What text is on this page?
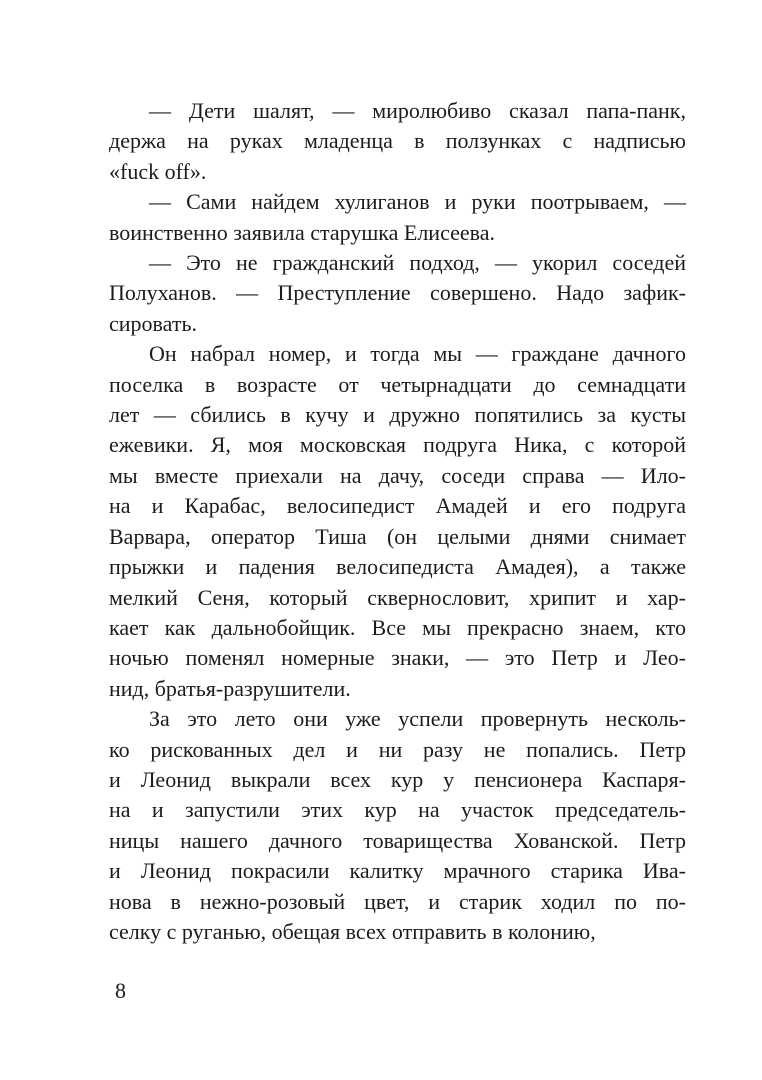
— Дети шалят, — миролюбиво сказал папа-панк,
держа на руках младенца в ползунках с надписью
«fuck off».
— Сами найдем хулиганов и руки поотрываем, —
воинственно заявила старушка Елисеева.
— Это не гражданский подход, — укорил соседей
Полуханов. — Преступление совершено. Надо зафик-
сировать.
Он набрал номер, и тогда мы — граждане дачного
поселка в возрасте от четырнадцати до семнадцати
лет — сбились в кучу и дружно попятились за кусты
ежевики. Я, моя московская подруга Ника, с которой
мы вместе приехали на дачу, соседи справа — Ило-
на и Карабас, велосипедист Амадей и его подруга
Варвара, оператор Тиша (он целыми днями снимает
прыжки и падения велосипедиста Амадея), а также
мелкий Сеня, который сквернословит, хрипит и хар-
кает как дальнобойщик. Все мы прекрасно знаем, кто
ночью поменял номерные знаки, — это Петр и Лео-
нид, братья-разрушители.
За это лето они уже успели провернуть несколь-
ко рискованных дел и ни разу не попались. Петр
и Леонид выкрали всех кур у пенсионера Каспаря-
на и запустили этих кур на участок председатель-
ницы нашего дачного товарищества Хованской. Петр
и Леонид покрасили калитку мрачного старика Ива-
нова в нежно-розовый цвет, и старик ходил по по-
селку с руганью, обещая всех отправить в колонию,
8
